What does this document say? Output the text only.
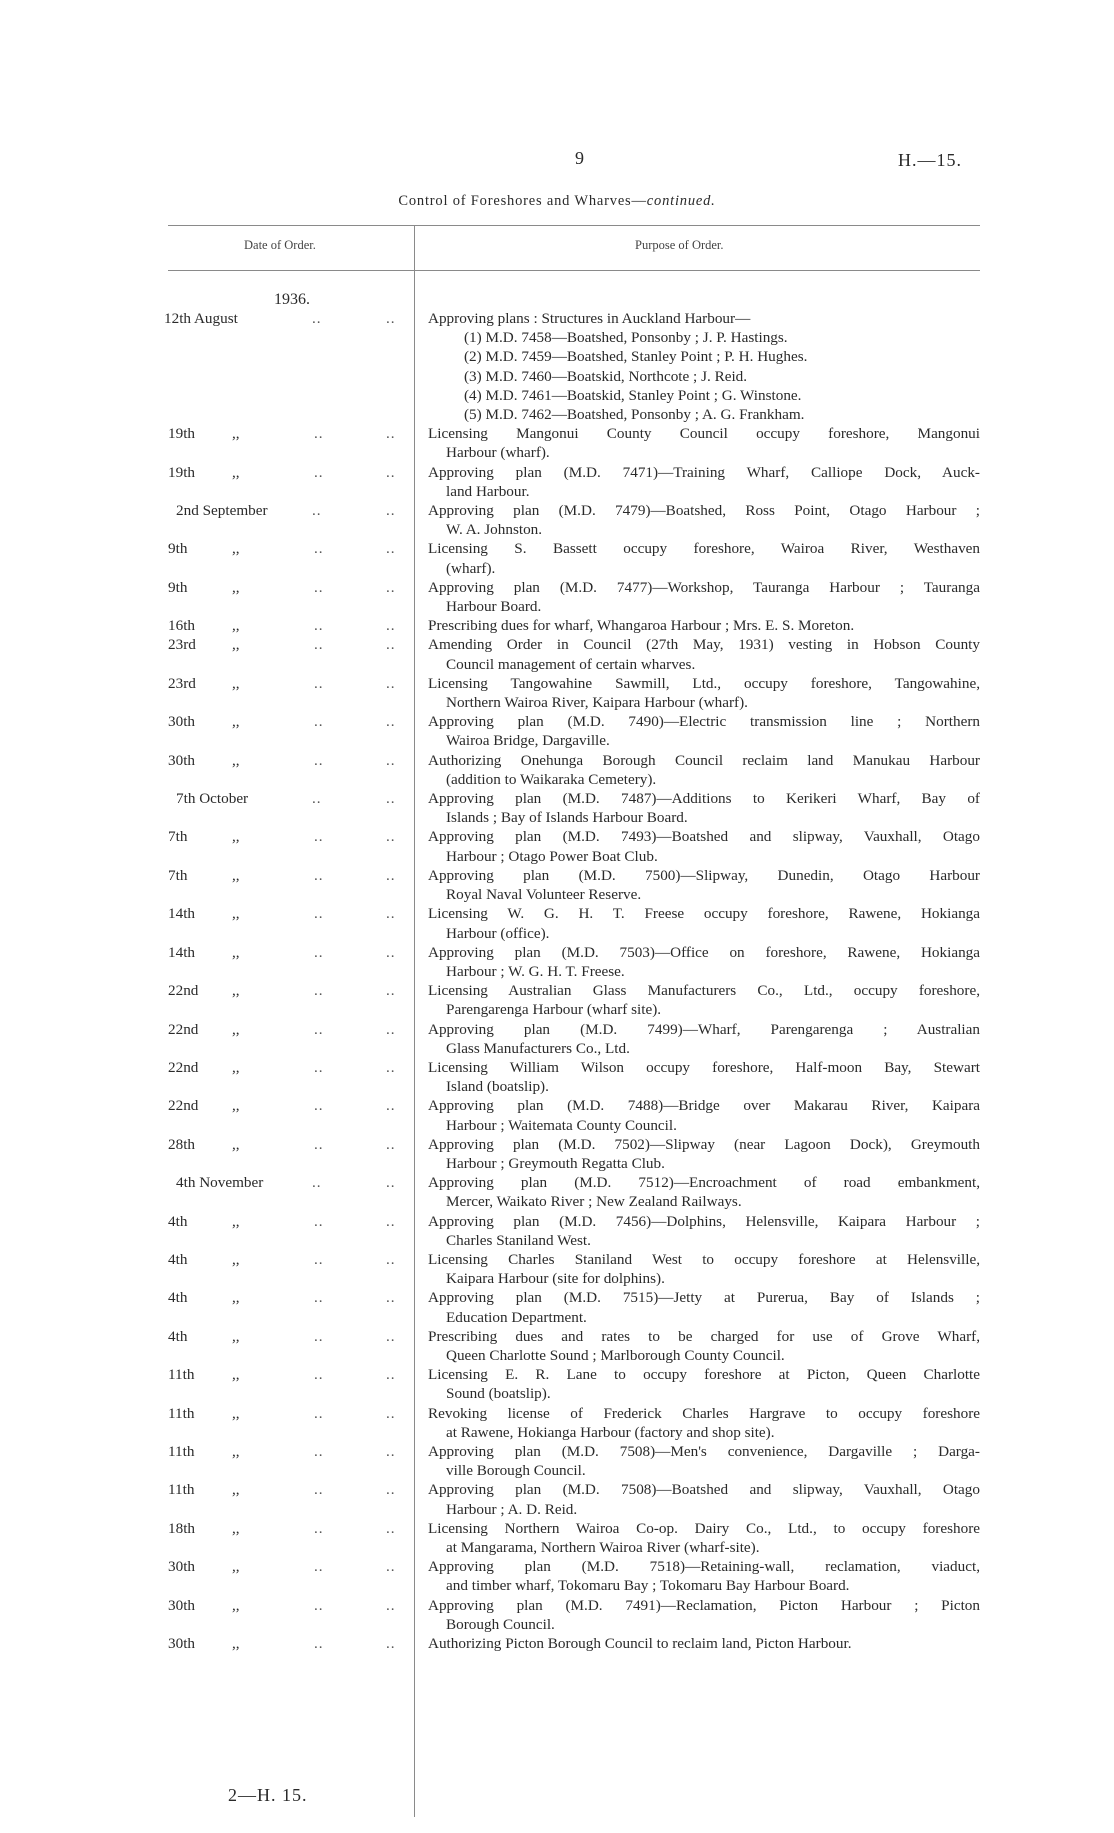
9	H.—15.
Control of Foreshores and Wharves—continued.
Date of Order.	Purpose of Order.
1936.
12th August	..	.. Approving plans : Structures in Auckland Harbour—
(1) M.D. 7458—Boatshed, Ponsonby ; J. P. Hastings.
(2) M.D. 7459—Boatshed, Stanley Point ; P. H. Hughes.
(3) M.D. 7460—Boatskid, Northcote ; J. Reid.
(4) M.D. 7461—Boatskid, Stanley Point ; G. Winstone.
(5) M.D. 7462—Boatshed, Ponsonby ; A. G. Frankham.
19th ,,	..	.. Licensing Mangonui County Council occupy foreshore, Mangonui
Harbour (wharf).
19th ,,	..	.. Approving plan (M.D. 7471)—Training Wharf, Calliope Dock, Auck-
land Harbour.
2nd September	..	.. Approving plan (M.D. 7479)—Boatshed, Ross Point, Otago Harbour ;
W. A. Johnston.
9th	,,	..	.. Licensing S. Bassett occupy foreshore, Wairoa River, Westhaven
(wharf).
9th	,,	..	.. Approving plan (M.D. 7477)—Workshop, Tauranga Harbour ; Tauranga
Harbour Board.
16th ,,	..	.. Prescribing dues for wharf, Whangaroa Harbour ; Mrs. E. S. Moreton.
23rd ,,	..	.. Amending Order in Council (27th May, 1931) vesting in Hobson County
Council management of certain wharves.
23rd ,,	..	.. Licensing Tangowahine Sawmill, Ltd., occupy foreshore, Tangowahine,
Northern Wairoa River, Kaipara Harbour (wharf).
30th ,,	..	.. Approving plan (M.D. 7490)—Electric transmission line ; Northern
Wairoa Bridge, Dargaville.
30th ,,	..	.. Authorizing Onehunga Borough Council reclaim land Manukau Harbour
(addition to Waikaraka Cemetery).
7th October	..	.. Approving plan (M.D. 7487)—Additions to Kerikeri Wharf, Bay of
Islands ; Bay of Islands Harbour Board.
7th	,,	..	.. Approving plan (M.D. 7493)—Boatshed and slipway, Vauxhall, Otago
Harbour ; Otago Power Boat Club.
7th	,,	..	.. Approving plan (M.D. 7500)—Slipway, Dunedin, Otago Harbour
Royal Naval Volunteer Reserve.
14th ,,	..	.. Licensing W. G. H. T. Freese occupy foreshore, Rawene, Hokianga
Harbour (office).
14th ,,	..	.. Approving plan (M.D. 7503)—Office on foreshore, Rawene, Hokianga
Harbour ; W. G. H. T. Freese.
22nd ,,	..	.. Licensing Australian Glass Manufacturers Co., Ltd., occupy foreshore,
Parengarenga Harbour (wharf site).
22nd ,,	..	.. Approving plan (M.D. 7499)—Wharf, Parengarenga ; Australian
Glass Manufacturers Co., Ltd.
22nd ,,	..	.. Licensing William Wilson occupy foreshore, Half-moon Bay, Stewart
Island (boatslip).
22nd ,,	..	.. Approving plan (M.D. 7488)—Bridge over Makarau River, Kaipara
Harbour ; Waitemata County Council.
28th ,,	..	.. Approving plan (M.D. 7502)—Slipway (near Lagoon Dock), Greymouth
Harbour ; Greymouth Regatta Club.
4th November	..	.. Approving plan (M.D. 7512)—Encroachment of road embankment,
Mercer, Waikato River ; New Zealand Railways.
4th	,,	..	.. Approving plan (M.D. 7456)—Dolphins, Helensville, Kaipara Harbour ;
Charles Staniland West.
4th	,,	..	.. Licensing Charles Staniland West to occupy foreshore at Helensville,
Kaipara Harbour (site for dolphins).
4th	,,	..	.. Approving plan (M.D. 7515)—Jetty at Purerua, Bay of Islands ;
Education Department.
4th	,,	..	.. Prescribing dues and rates to be charged for use of Grove Wharf,
Queen Charlotte Sound ; Marlborough County Council.
11th ,,	..	.. Licensing E. R. Lane to occupy foreshore at Picton, Queen Charlotte
Sound (boatslip).
11th ,,	..	.. Revoking license of Frederick Charles Hargrave to occupy foreshore
at Rawene, Hokianga Harbour (factory and shop site).
11th ,,	..	.. Approving plan (M.D. 7508)—Men's convenience, Dargaville ; Darga-
ville Borough Council.
11th ,,	..	.. Approving plan (M.D. 7508)—Boatshed and slipway, Vauxhall, Otago
Harbour ; A. D. Reid.
18th ,,	..	.. Licensing Northern Wairoa Co-op. Dairy Co., Ltd., to occupy foreshore
at Mangarama, Northern Wairoa River (wharf-site).
30th ,,	..	.. Approving plan (M.D. 7518)—Retaining-wall, reclamation, viaduct,
and timber wharf, Tokomaru Bay ; Tokomaru Bay Harbour Board.
30th ,,	..	.. Approving plan (M.D. 7491)—Reclamation, Picton Harbour ; Picton
Borough Council.
30th ,,	..	.. Authorizing Picton Borough Council to reclaim land, Picton Harbour.
2—H. 15.
